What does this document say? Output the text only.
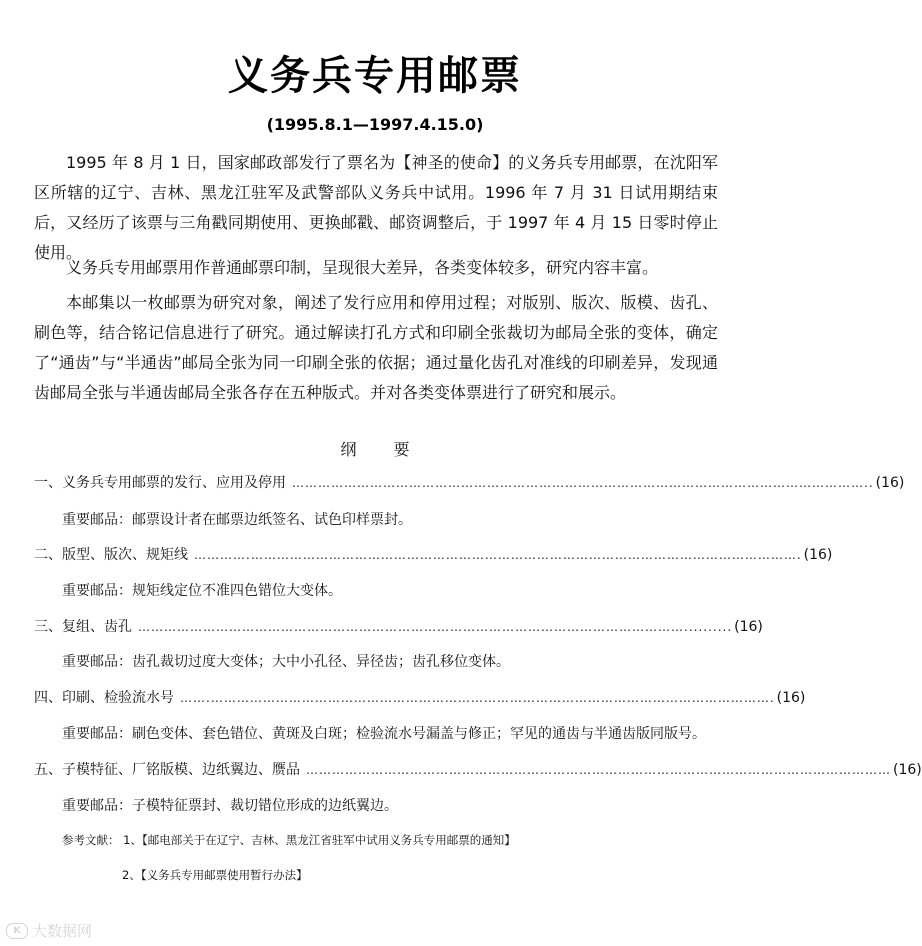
义务兵专用邮票
(1995.8.1—1997.4.15.0)

1995 年 8 月 1 日，国家邮政部发行了票名为【神圣的使命】的义务兵专用邮票，在沈阳军区所辖的辽宁、吉林、黑龙江驻军及武警部队义务兵中试用。1996 年 7 月 31 日试用期结束后，又经历了该票与三角戳同期使用、更换邮戳、邮资调整后，于 1997 年 4 月 15 日零时停止使用。

义务兵专用邮票用作普通邮票印制，呈现很大差异，各类变体较多，研究内容丰富。

本邮集以一枚邮票为研究对象，阐述了发行应用和停用过程；对版别、版次、版模、齿孔、刷色等，结合铭记信息进行了研究。通过解读打孔方式和印刷全张裁切为邮局全张的变体，确定了“通齿”与“半通齿”邮局全张为同一印刷全张的依据；通过量化齿孔对准线的印刷差异，发现通齿邮局全张与半通齿邮局全张各存在五种版式。并对各类变体票进行了研究和展示。

纲 要
一、义务兵专用邮票的发行、应用及停用 …………………………………………………………………………………………………………………….. (16)
重要邮品：邮票设计者在邮票边纸签名、试色印样票封。
二、版型、版次、规矩线 ………….………………………………………………………………………………………………………………. (16)
重要邮品：规矩线定位不准四色错位大变体。
三、复组、齿孔 ……………………………………………………………………………………………………………….......... (16)
重要邮品：齿孔裁切过度大变体；大中小孔径、异径齿；齿孔移位变体。
四、印刷、检验流水号 …….…………………………………………………………………………………………………………………. (16)
重要邮品：刷色变体、套色错位、黄斑及白斑；检验流水号漏盖与修正；罕见的通齿与半通齿版同版号。
五、子模特征、厂铭版模、边纸翼边、赝品 ……………………………………………………………………………………………………………………… (16)
重要邮品：子模特征票封、裁切错位形成的边纸翼边。
参考文献： 1、【邮电部关于在辽宁、吉林、黑龙江省驻军中试用义务兵专用邮票的通知】
2、【义务兵专用邮票使用暂行办法】
K 大数据网
